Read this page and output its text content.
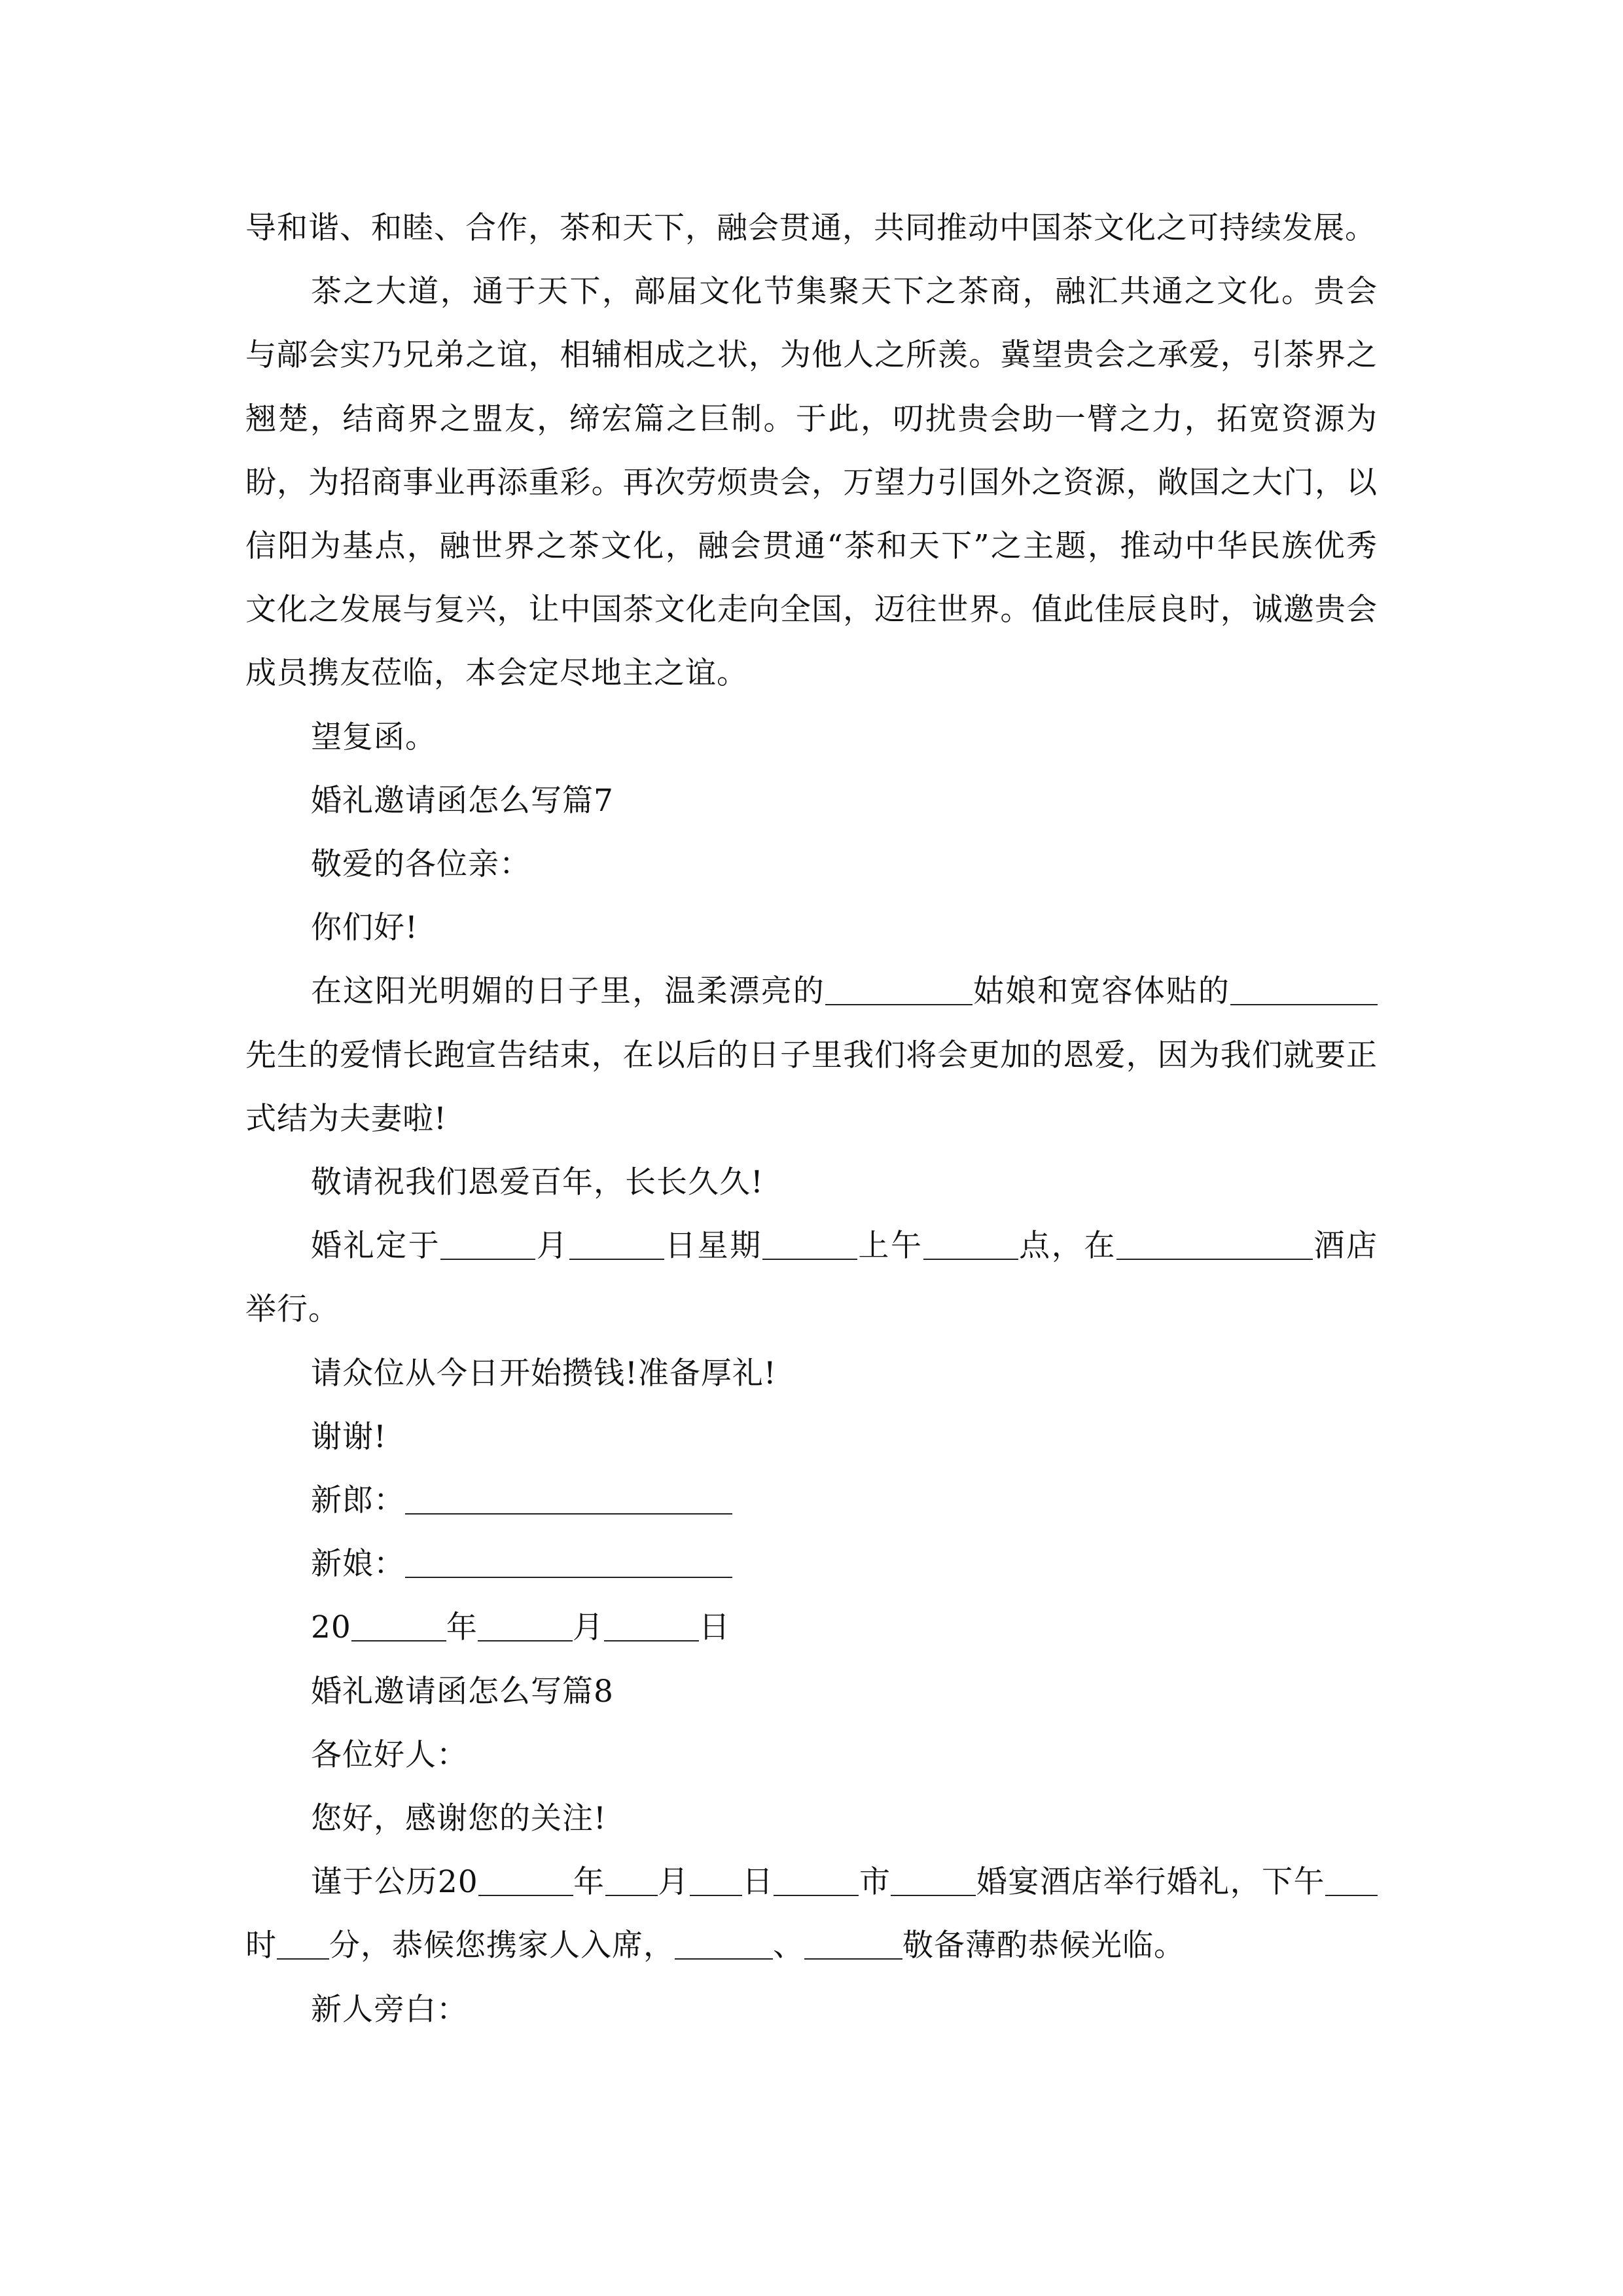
导和谐、和睦、合作，茶和天下，融会贯通，共同推动中国茶文化之可持续发展。

茶之大道，通于天下，鄗届文化节集聚天下之茶商，融汇共通之文化。贵会与鄗会实乃兄弟之谊，相辅相成之状，为他人之所羡。冀望贵会之承爱，引茶界之翘楚，结商界之盟友，缔宏篇之巨制。于此，叨扰贵会助一臂之力，拓宽资源为盼，为招商事业再添重彩。再次劳烦贵会，万望力引国外之资源，敞国之大门，以信阳为基点，融世界之茶文化，融会贯通“茶和天下”之主题，推动中华民族优秀文化之发展与复兴，让中国茶文化走向全国，迈往世界。值此佳辰良时，诚邀贵会成员携友莅临，本会定尽地主之谊。

望复函。

婚礼邀请函怎么写篇7

敬爱的各位亲：

你们好!

在这阳光明媚的日子里，温柔漂亮的	姑娘和宽容体贴的先生的爱情长跑宣告结束，在以后的日子里我们将会更加的恩爱，因为我们就要正式结为夫妻啦!

敬请祝我们恩爱百年，长长久久!

婚礼定于	月	日星期	上午	点，在	酒店举行。

请众位从今日开始攒钱!准备厚礼!

谢谢!

新郎：

新娘：

20	年	月	日

婚礼邀请函怎么写篇8

各位好人：

您好，感谢您的关注!

谨于公历20	年 月 日	市	婚宴酒店举行婚礼，下午时 分，恭候您携家人入席，	、	敬备薄酌恭候光临。

新人旁白：
